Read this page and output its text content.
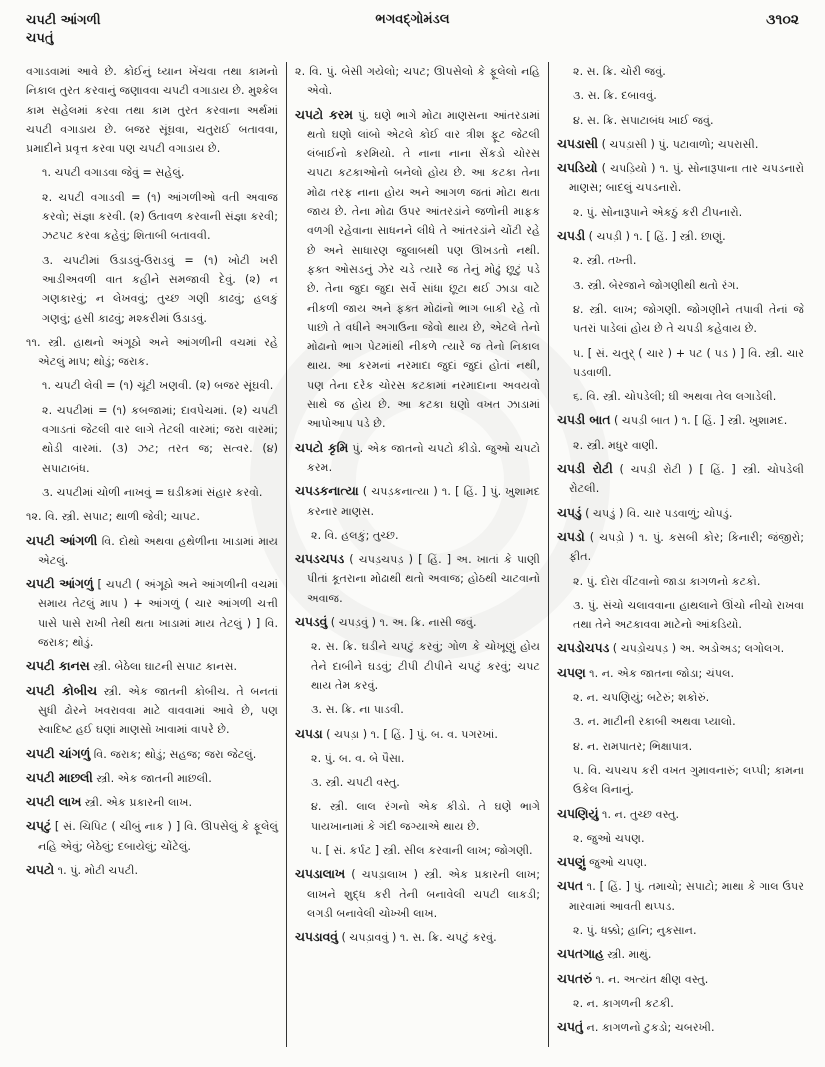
ચપટી આંગળી
ચપતું
ભગવદ્ગોમંડલ	૩૧૦૨
વગાડવામાં આવે છે. કોઈનું ધ્યાન ખેંચવા તથા કામનો નિકાલ તુરત કરવાનું જણાવવા ચપટી વગાડાય છે. મુશ્કેલ કામ સહેલમાં કરવા તથા કામ તુરત કરવાના અર્થમાં ચપટી વગાડાય છે. બજર સૂંઘવા, ચતુરાઈ બતાવવા, પ્રમાદીને પ્રવૃત્ત કરવા પણ ચપટી વગાડાય છે.
૧. ચપટી વગાડવા જેવું = સહેલું.
૨. ચપટી વગાડવી = (૧) આંગળીઓ વતી અવાજ કરવો; સંજ્ઞા કરવી. (૨) ઉતાવળ કરવાની સંજ્ઞા કરવી; ઝટપટ કરવા કહેવું; શિતાબી બતાવવી.
૩. ચપટીમાં ઉડાડવું-ઉરાડવું = (૧) ખોટી ખરી આડીઅવળી વાત કહીને સમજાવી દેવું. (૨) ન ગણકારવું; ન લેખવવું; તુચ્છ ગણી કાઢવું; હલકું ગણવું; હસી કાઢવું; મશ્કરીમાં ઉડાડવું.
૧૧. સ્ત્રી. હાથનો અંગૂઠો અને આંગળીની વચમાં રહે એટલું માપ; થોડું; જરાક.
૧. ચપટી લેવી = (૧) ચૂંટી ખણવી. (૨) બજર સૂંઘવી.
૨. ચપટીમાં = (૧) કબજામાં; દાવપેચમાં. (૨) ચપટી વગાડતાં જેટલી વાર લાગે તેટલી વારમાં; જરા વારમાં; થોડી વારમાં. (૩) ઝટ; તરત જ; સત્વર. (૪) સપાટાબંધ.
૩. ચપટીમાં ચોળી નાખવું = ઘડીકમાં સંહાર કરવો.
૧૨. વિ. સ્ત્રી. સપાટ; થાળી જેવી; ચાપટ.
ચપટી આંગળી વિ. દોથો અથવા હથેળીના ખાડામાં માય એટલું.
ચપટી આંગળું [ ચપટી ( અંગૂઠો અને આંગળીની વચમાં સમાય તેટલું માપ ) + આંગળું ( ચાર આંગળી ચત્તી પાસે પાસે રાખી તેથી થતા ખાડામાં માય તેટલું ) ] વિ. જરાક; થોડું.
ચપટી કાનસ સ્ત્રી. બેઠેલા ઘાટની સપાટ કાનસ.
ચપટી કોબીચ સ્ત્રી. એક જાતની કોબીચ. તે બનતાં સુધી ઢોરને ખવરાવવા માટે વાવવામાં આવે છે, પણ સ્વાદિષ્ટ હઈ ઘણાં માણસો ખાવામાં વાપરે છે.
ચપટી ચાંગળું વિ. જરાક; થોડું; સહજ; જરા જેટલું.
ચપટી માછલી સ્ત્રી. એક જાતની માછલી.
ચપટી લાખ સ્ત્રી. એક પ્રકારની લાખ.
ચપટું [ સં. ચિપિટ ( ચીબું નાક ) ] વિ. ઊપસેલું કે ફૂલેલું નહિ એવું; બેઠેલું; દબાયેલું; ચોંટેલું.
ચપટો ૧. પું. મોટી ચપટી.
૨. વિ. પું. બેસી ગયેલો; ચપટ; ઊપસેલો કે ફૂલેલો નહિ એવો.
ચપટો કરમ પું. ઘણે ભાગે મોટા માણસના આંતરડામાં થતો ઘણો લાંબો એટલે કોઈ વાર ત્રીશ ફૂટ જેટલી લંબાઈનો કરમિયો. તે નાના નાના સેંકડો ચોરસ ચપટા કટકાઓનો બનેલો હોય છે. આ કટકા તેના મોઢા તરફ નાના હોય અને આગળ જતાં મોટા થતા જાય છે. તેના મોઢા ઉપર આંતરડાંને જળોની માફક વળગી રહેવાના સાધનને લીધે તે આંતરડાંને ચોંટી રહે છે અને સાધારણ જુલાબથી પણ ઊખડતો નથી. ફક્ત ઓસડનું ઝેર ચડે ત્યારે જ તેનું મોઢું છૂટું પડે છે. તેના જુદા જુદા સર્વે સાંધા છૂટા થઈ ઝાડા વાટે નીકળી જાય અને ફક્ત મોઢાંનો ભાગ બાકી રહે તો પાછો તે વધીને અગાઉના જેવો થાય છે, એટલે તેનો મોઢાનો ભાગ પેટમાંથી નીકળે ત્યારે જ તેનો નિકાલ થાય. આ કરમનાં નરમાદા જુદાં જુદાં હોતાં નથી, પણ તેના દરેક ચોરસ કટકામાં નરમાદાના અવયવો સાથે જ હોય છે. આ કટકા ઘણો વખત ઝાડામાં આપોઆપ પડે છે.
ચપટો કૃમિ પું. એક જાતનો ચપટો કીડો. જુઓ ચપટો કરમ.
ચપડકનાત્યા ( ચપડ઼કનાત્યા ) ૧. [ હિં. ] પું. ખુશામદ કરનાર માણસ.
૨. વિ. હલકું; તુચ્છ.
ચપડચપડ ( ચપડ઼ચપડ઼ ) [ હિં. ] અ. ખાતાં કે પાણી પીતાં કૂતરાના મોઢાથી થતો અવાજ; હોઠથી ચાટવાનો અવાજ.
ચપડવું ( ચપડ઼વું ) ૧. અ. ક્રિ. નાસી જવું.
૨. સ. ક્રિ. ઘડીને ચપટું કરવું; ગોળ કે ચોખૂણું હોય તેને દાબીને ઘડવું; ટીપી ટીપીને ચપટું કરવું; ચપટ થાય તેમ કરવું.
૩. સ. ક્રિ. ના પાડવી.
ચપડા ( ચપડ઼ા ) ૧. [ હિં. ] પું. બ. વ. પગરખાં.
૨. પું. બ. વ. બે પૈસા.
૩. સ્ત્રી. ચપટી વસ્તુ.
૪. સ્ત્રી. લાલ રંગનો એક કીડો. તે ઘણે ભાગે પાયખાનામાં કે ગંદી જગ્યાએ થાય છે.
૫. [ સં. કર્પટ ] સ્ત્રી. સીલ કરવાની લાખ; જોગણી.
ચપડાલાખ ( ચપડ઼ાલાખ ) સ્ત્રી. એક પ્રકારની લાખ; લાખને શુદ્ધ કરી તેની બનાવેલી ચપટી લાકડી; લગડી બનાવેલી ચોખ્ખી લાખ.
ચપડાવવું ( ચપડ઼ાવવું ) ૧. સ. ક્રિ. ચપટું કરવું.
૨. સ. ક્રિ. ચોરી જવું.
૩. સ. ક્રિ. દબાવવું.
૪. સ. ક્રિ. સપાટાબંધ ખાઈ જવું.
ચપડાસી ( ચપડ઼ાસી ) પું. પટાવાળો; ચપરાસી.
ચપડિયો ( ચપડ઼િયો ) ૧. પું. સોનારૂપાના તાર ચપડનારો માણસ; બાદલું ચપડનારો.
૨. પું. સોનારૂપાને એકઠું કરી ટીપનારો.
ચપડી ( ચપડ઼ી ) ૧. [ હિં. ] સ્ત્રી. છાણું.
૨. સ્ત્રી. તખ્તી.
૩. સ્ત્રી. બેરજાને જોગણીથી થતો રંગ.
૪. સ્ત્રી. લાખ; જોગણી. જોગણીને તપાવી તેનાં જે પતરાં પાડેલાં હોય છે તે ચપડી કહેવાય છે.
૫. [ સં. ચતુર્ ( ચાર ) + પટ ( પડ ) ] વિ. સ્ત્રી. ચાર પડવાળી.
૬. વિ. સ્ત્રી. ચોપડેલી; ઘી અથવા તેલ લગાડેલી.
ચપડી બાત ( ચપડ઼ી બાત ) ૧. [ હિં. ] સ્ત્રી. ખુશામદ.
૨. સ્ત્રી. મધુર વાણી.
ચપડી રોટી ( ચપડ઼ી રોટી ) [ હિં. ] સ્ત્રી. ચોપડેલી રોટલી.
ચપડું ( ચપડ઼ું ) વિ. ચાર પડવાળું; ચોપડું.
ચપડો ( ચપડ઼ો ) ૧. પું. કસબી કોર; કિનારી; જંજીરો; ફીત.
૨. પું. દોરા વીંટવાનો જાડા કાગળનો કટકો.
૩. પું. સંચો ચલાવવાના હાથલાને ઊંચો નીચો રાખવા તથા તેને અટકાવવા માટેનો આંકડિયો.
ચપડોચપડ ( ચપડ઼ોચપડ઼ ) અ. અડોઅડ; લગોલગ.
ચપણ ૧. ન. એક જાતના જોડા; ચંપલ.
૨. ન. ચપણિયું; બટેરું; શકોરું.
૩. ન. માટીની રકાબી અથવા પ્યાલો.
૪. ન. રામપાતર; ભિક્ષાપાત્ર.
૫. વિ. ચપચપ કરી વખત ગુમાવનારું; લપ્પી; કામના ઉકેલ વિનાનું.
ચપણિયું ૧. ન. તુચ્છ વસ્તુ.
૨. જુઓ ચપણ.
ચપણું જુઓ ચપણ.
ચપત ૧. [ હિં. ] પું. તમાચો; સપાટો; માથા કે ગાલ ઉપર મારવામાં આવતી થપ્પડ.
૨. પું. ધક્કો; હાનિ; નુકસાન.
ચપતગાહ સ્ત્રી. માથું.
ચપતરું ૧. ન. અત્યંત ક્ષીણ વસ્તુ.
૨. ન. કાગળની કટકી.
ચપતું ન. કાગળનો ટુકડો; ચબરખી.
